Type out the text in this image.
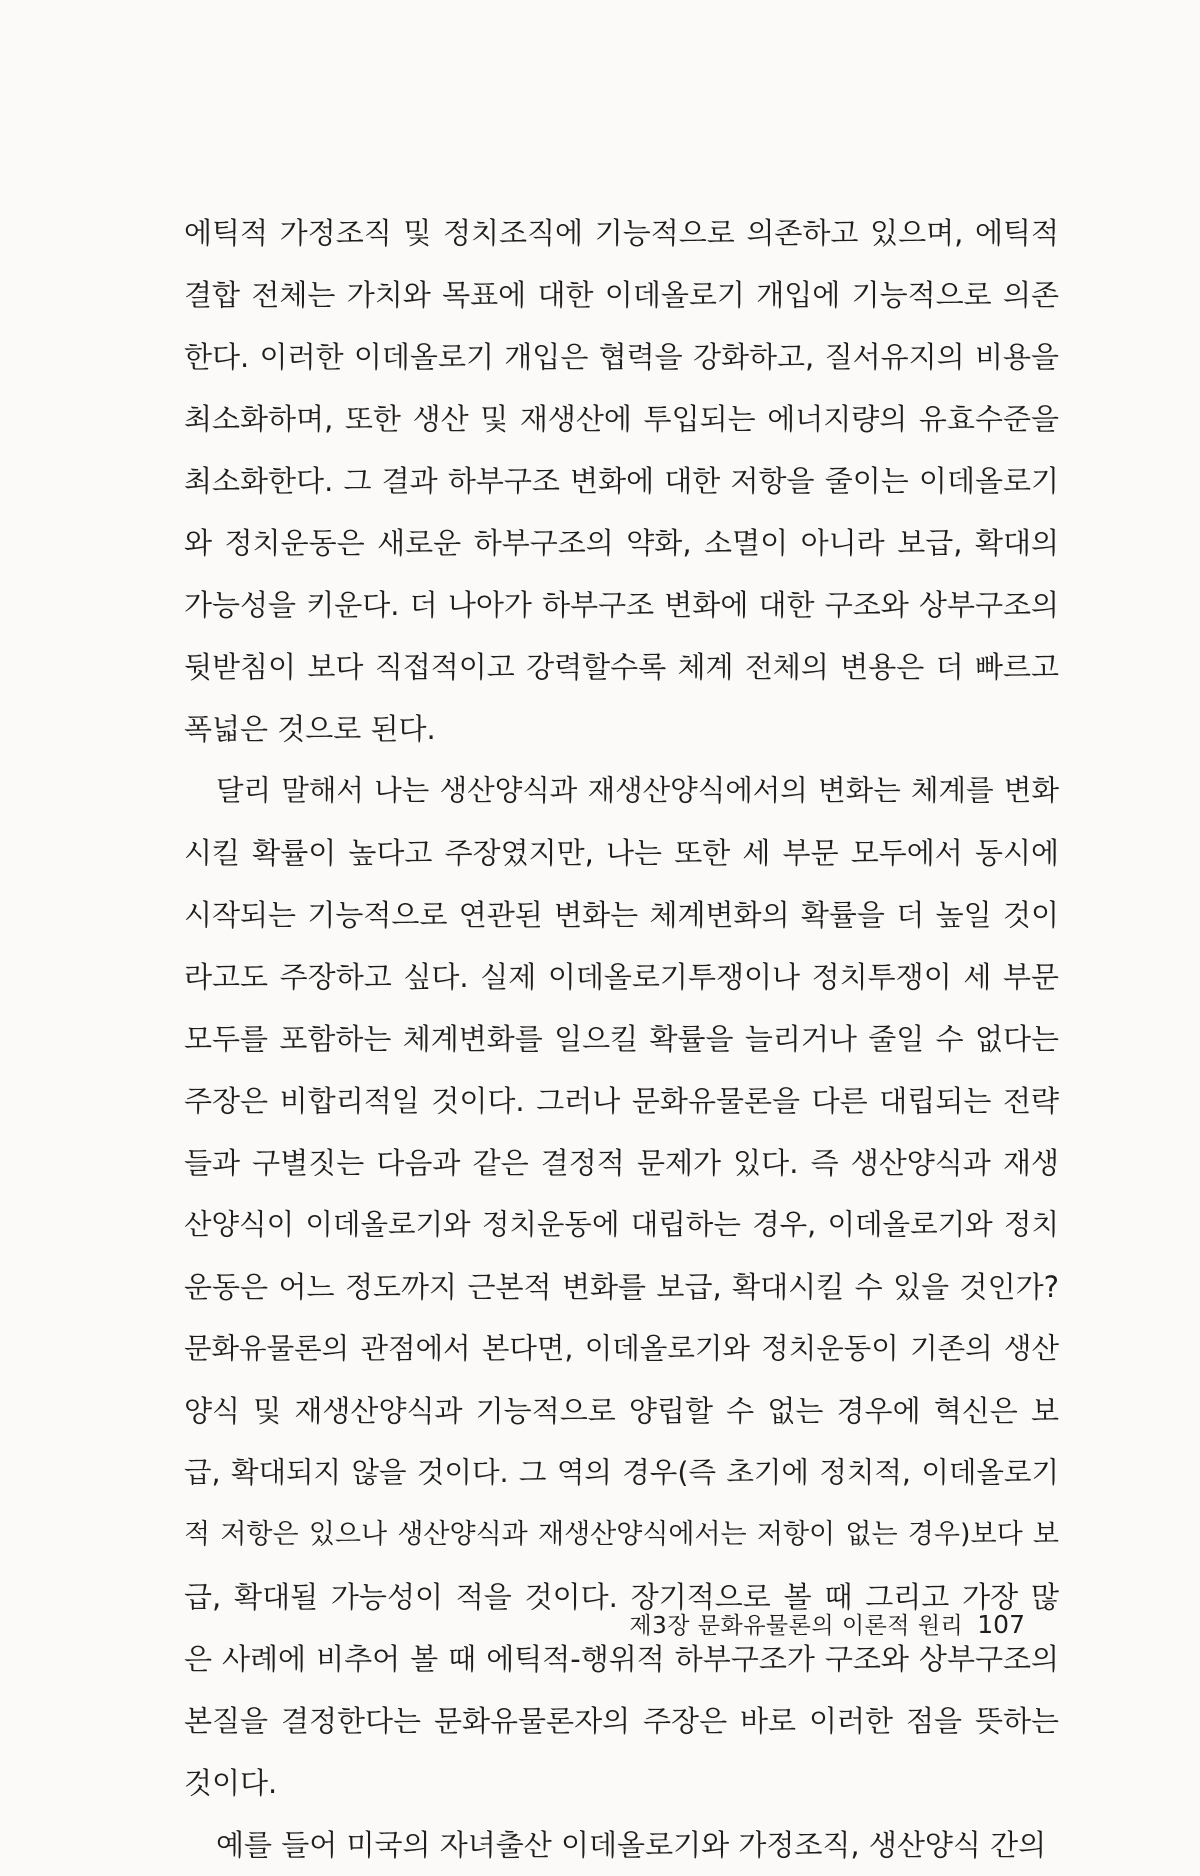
에틱적 가정조직 및 정치조직에 기능적으로 의존하고 있으며, 에틱적
결합 전체는 가치와 목표에 대한 이데올로기 개입에 기능적으로 의존
한다. 이러한 이데올로기 개입은 협력을 강화하고, 질서유지의 비용을
최소화하며, 또한 생산 및 재생산에 투입되는 에너지량의 유효수준을
최소화한다. 그 결과 하부구조 변화에 대한 저항을 줄이는 이데올로기
와 정치운동은 새로운 하부구조의 약화, 소멸이 아니라 보급, 확대의
가능성을 키운다. 더 나아가 하부구조 변화에 대한 구조와 상부구조의
뒷받침이 보다 직접적이고 강력할수록 체계 전체의 변용은 더 빠르고
폭넓은 것으로 된다.
달리 말해서 나는 생산양식과 재생산양식에서의 변화는 체계를 변화
시킬 확률이 높다고 주장였지만, 나는 또한 세 부문 모두에서 동시에
시작되는 기능적으로 연관된 변화는 체계변화의 확률을 더 높일 것이
라고도 주장하고 싶다. 실제 이데올로기투쟁이나 정치투쟁이 세 부문
모두를 포함하는 체계변화를 일으킬 확률을 늘리거나 줄일 수 없다는
주장은 비합리적일 것이다. 그러나 문화유물론을 다른 대립되는 전략
들과 구별짓는 다음과 같은 결정적 문제가 있다. 즉 생산양식과 재생
산양식이 이데올로기와 정치운동에 대립하는 경우, 이데올로기와 정치
운동은 어느 정도까지 근본적 변화를 보급, 확대시킬 수 있을 것인가?
문화유물론의 관점에서 본다면, 이데올로기와 정치운동이 기존의 생산
양식 및 재생산양식과 기능적으로 양립할 수 없는 경우에 혁신은 보
급, 확대되지 않을 것이다. 그 역의 경우(즉 초기에 정치적, 이데올로기
적 저항은 있으나 생산양식과 재생산양식에서는 저항이 없는 경우)보다 보
급, 확대될 가능성이 적을 것이다. 장기적으로 볼 때 그리고 가장 많
은 사례에 비추어 볼 때 에틱적-행위적 하부구조가 구조와 상부구조의
본질을 결정한다는 문화유물론자의 주장은 바로 이러한 점을 뜻하는
것이다.
예를 들어 미국의 자녀출산 이데올로기와 가정조직, 생산양식 간의
제3장 문화유물론의 이론적 원리 107
